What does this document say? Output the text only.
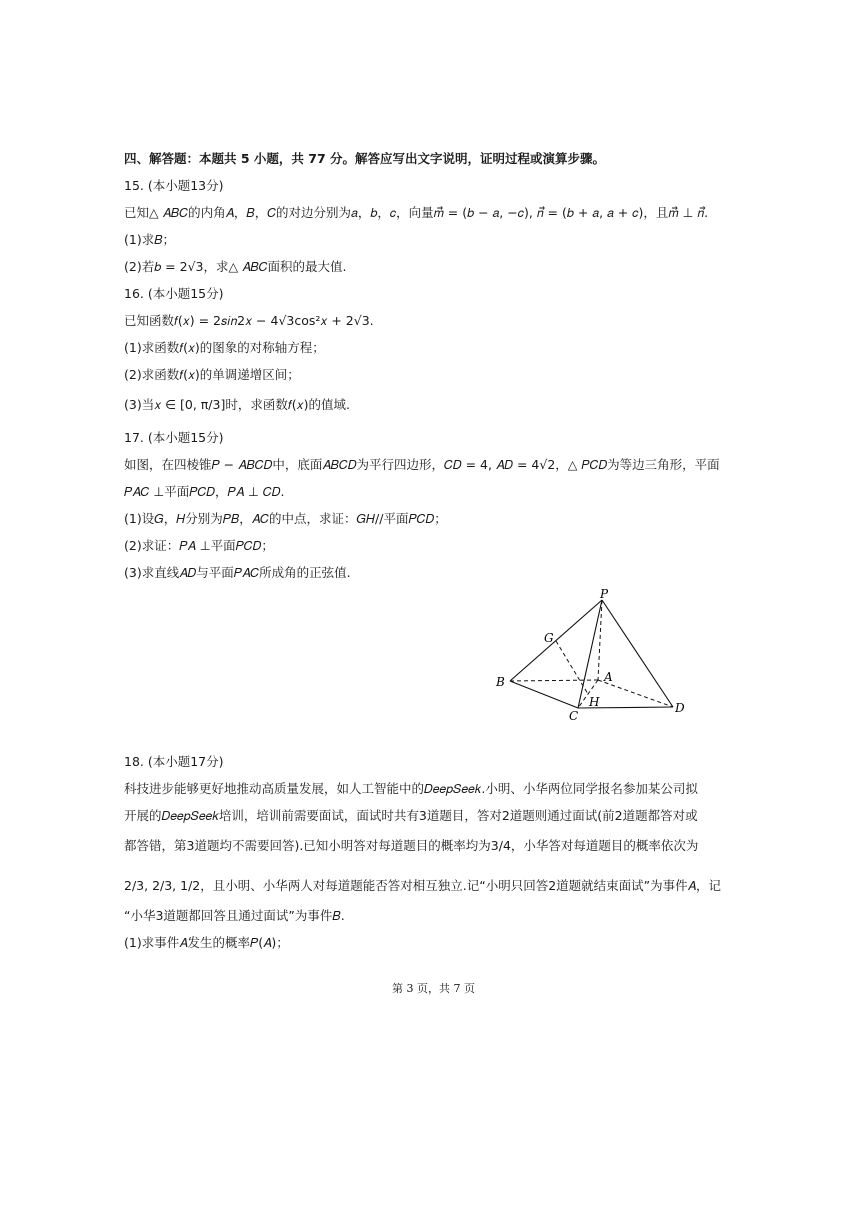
四、解答题：本题共 5 小题，共 77 分。解答应写出文字说明，证明过程或演算步骤。
15. (本小题13分)
已知△ 𝐴𝐵𝐶的内角𝐴，𝐵，𝐶的对边分别为𝑎，𝑏，𝑐，向量𝑚⃗ = (𝑏 − 𝑎, −𝑐), 𝑛⃗ = (𝑏 + 𝑎, 𝑎 + 𝑐)，且𝑚⃗ ⊥ 𝑛⃗.
(1)求𝐵；
(2)若𝑏 = 2√3，求△ 𝐴𝐵𝐶面积的最大值.
16. (本小题15分)
已知函数𝑓(𝑥) = 2𝑠𝑖𝑛2𝑥 − 4√3cos²𝑥 + 2√3.
(1)求函数𝑓(𝑥)的图象的对称轴方程；
(2)求函数𝑓(𝑥)的单调递增区间；
(3)当𝑥 ∈ [0, π/3]时，求函数𝑓(𝑥)的值域.
17. (本小题15分)
如图，在四棱锥𝑃 − 𝐴𝐵𝐶𝐷中，底面𝐴𝐵𝐶𝐷为平行四边形，𝐶𝐷 = 4, 𝐴𝐷 = 4√2，△ 𝑃𝐶𝐷为等边三角形，平面
𝑃𝐴𝐶 ⊥平面𝑃𝐶𝐷，𝑃𝐴 ⊥ 𝐶𝐷.
(1)设𝐺，𝐻分别为𝑃𝐵，𝐴𝐶的中点，求证：𝐺𝐻//平面𝑃𝐶𝐷；
(2)求证：𝑃𝐴 ⊥平面𝑃𝐶𝐷；
(3)求直线𝐴𝐷与平面𝑃𝐴𝐶所成角的正弦值.
P
G
B	A
H
C
D
18. (本小题17分)
科技进步能够更好地推动高质量发展，如人工智能中的𝐷𝑒𝑒𝑝𝑆𝑒𝑒𝑘.小明、小华两位同学报名参加某公司拟
开展的𝐷𝑒𝑒𝑝𝑆𝑒𝑒𝑘培训，培训前需要面试，面试时共有3道题目，答对2道题则通过面试(前2道题都答对或
都答错，第3道题均不需要回答).已知小明答对每道题目的概率均为3/4，小华答对每道题目的概率依次为
2/3, 2/3, 1/2，且小明、小华两人对每道题能否答对相互独立.记“小明只回答2道题就结束面试”为事件𝐴，记
“小华3道题都回答且通过面试”为事件𝐵.
(1)求事件𝐴发生的概率𝑃(𝐴)；
第 3 页，共 7 页
